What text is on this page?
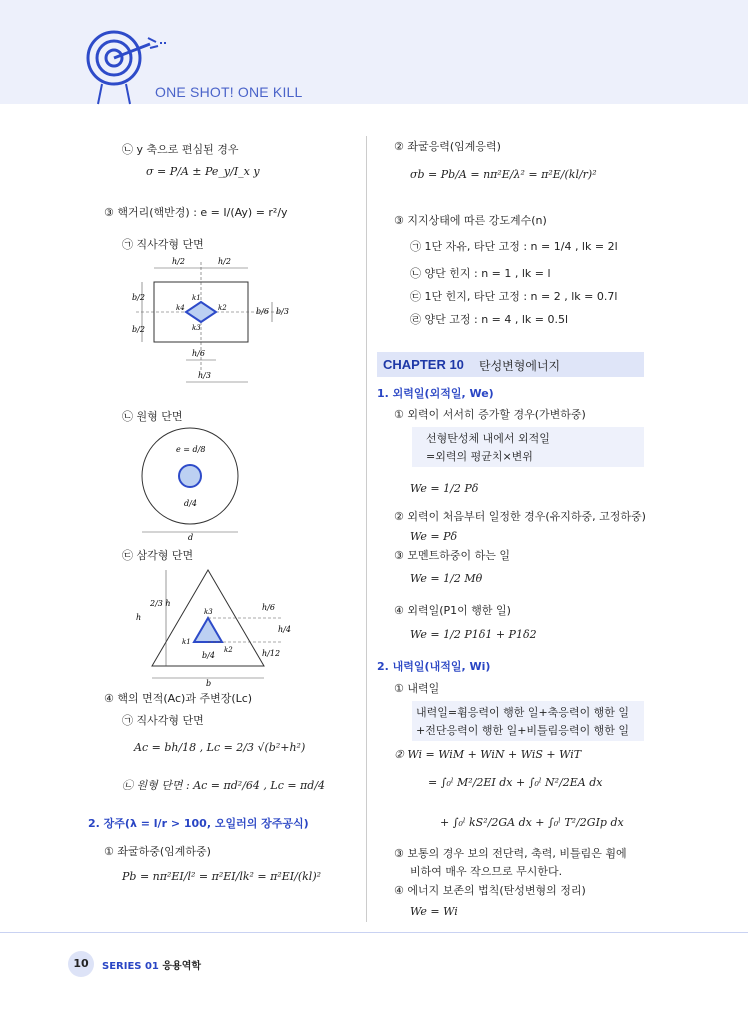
ONE SHOT! ONE KILL
㉡ y 축으로 편심된 경우
σ = P/A ± Pe_y/I_x y
③ 핵거리(핵반경) : e = I/(Ay) = r²/y
㉠ 직사각형 단면
h/2	h/2
b/2
b/2
b/6 b/3
h/6
h/3
k1
k2
k3
k4
㉡ 원형 단면
e = d/8
d/4
d
㉢ 삼각형 단면
2/3 h
h
h/6
h/4
h/12
b/4
b
k1
k2
k3
④ 핵의 면적(Ac)과 주변장(Lc)
㉠ 직사각형 단면
Ac = bh/18 , Lc = 2/3 √(b²+h²)
㉡ 원형 단면 : Ac = πd²/64 , Lc = πd/4
2. 장주(λ = l/r > 100, 오일러의 장주공식)
① 좌굴하중(임계하중)
Pb = nπ²EI/l² = π²EI/lk² = π²EI/(kl)²
② 좌굴응력(임계응력)
σb = Pb/A = nπ²E/λ² = π²E/(kl/r)²
③ 지지상태에 따른 강도계수(n)
㉠ 1단 자유, 타단 고정 : n = 1/4 , lk = 2l
㉡ 양단 힌지 : n = 1 , lk = l
㉢ 1단 힌지, 타단 고정 : n = 2 , lk = 0.7l
㉣ 양단 고정 : n = 4 , lk = 0.5l
CHAPTER 10 탄성변형에너지
1. 외력일(외적일, We)
① 외력이 서서히 증가할 경우(가변하중)
선형탄성체 내에서 외적일
=외력의 평균치×변위
We = 1/2 Pδ
② 외력이 처음부터 일정한 경우(유지하중, 고정하중)
We = Pδ
③ 모멘트하중이 하는 일
We = 1/2 Mθ
④ 외력일(P1이 행한 일)
We = 1/2 P1δ1 + P1δ2
2. 내력일(내적일, Wi)
① 내력일
내력일=휨응력이 행한 일+축응력이 행한 일
+전단응력이 행한 일+비틀림응력이 행한 일
② Wi = WiM + WiN + WiS + WiT
= ∫₀ˡ M²/2EI dx + ∫₀ˡ N²/2EA dx
+ ∫₀ˡ kS²/2GA dx + ∫₀ˡ T²/2GIp dx
③ 보통의 경우 보의 전단력, 축력, 비틀림은 휨에
비하여 매우 작으므로 무시한다.
④ 에너지 보존의 법칙(탄성변형의 정리)
We = Wi
10	SERIES 01 응용역학
